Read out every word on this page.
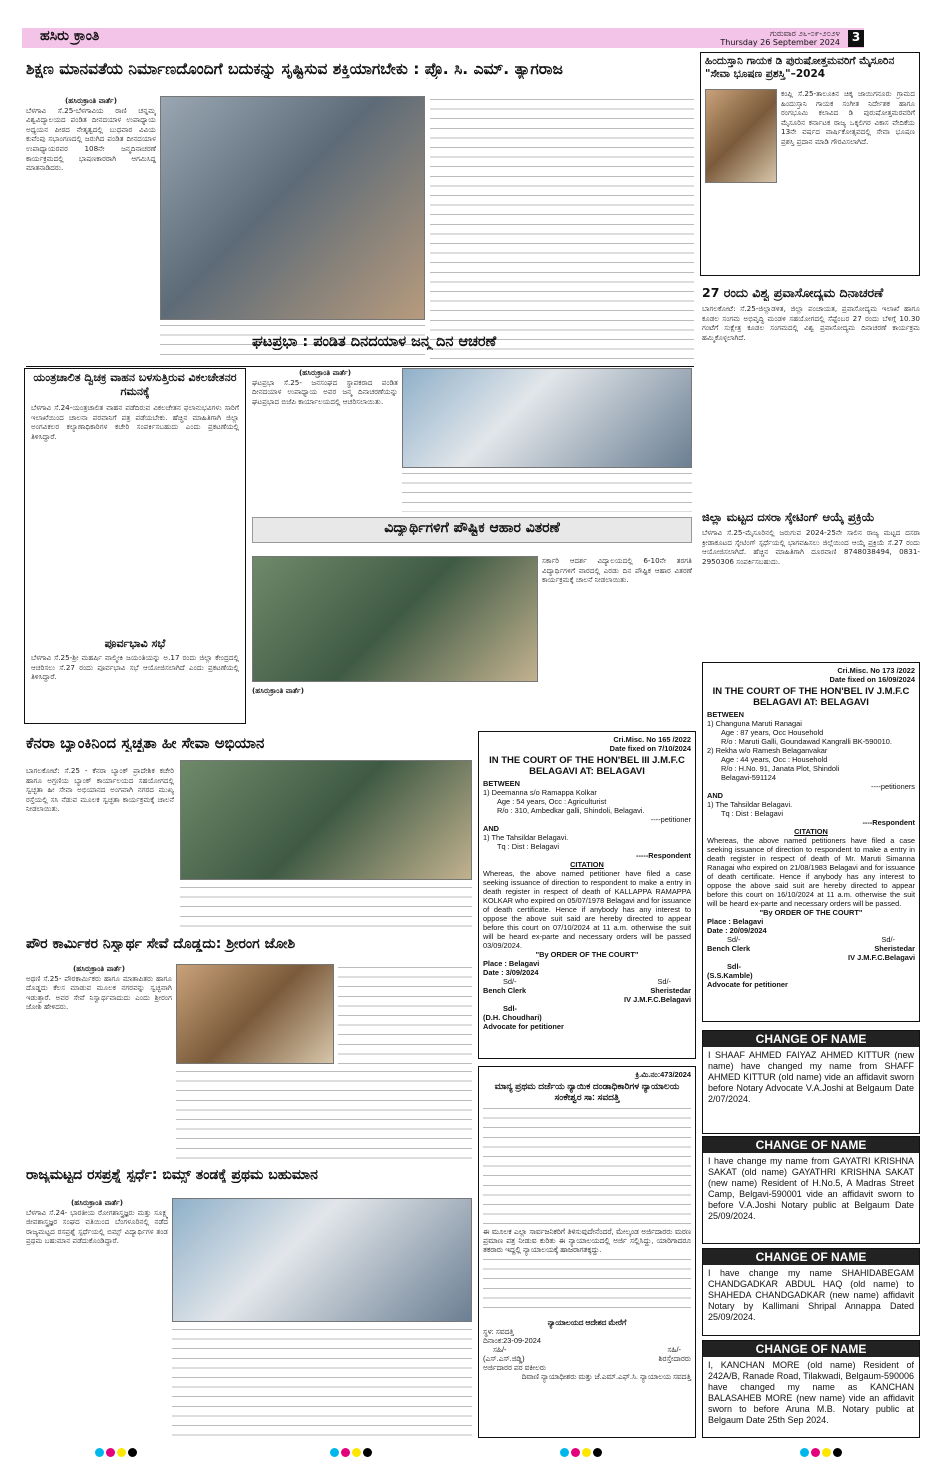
ಹಸಿರು ಕ್ರಾಂತಿ	ಗುರುವಾರ ೨೬-೦೯-೨೦೨೪
Thursday 26 September 2024 3
ಶಿಕ್ಷಣ ಮಾನವತೆಯ ನಿರ್ಮಾಣದೊಂದಿಗೆ ಬದುಕನ್ನು ಸೃಷ್ಟಿಸುವ ಶಕ್ತಿಯಾಗಬೇಕು : ಪ್ರೊ. ಸಿ. ಎಮ್. ತ್ಯಾಗರಾಜ
(ಹಸಿರುಕ್ರಾಂತಿ ವಾರ್ತೆ)
ಬೆಳಗಾವಿ ಸೆ.25-ಬೆಳಗಾವಿಯ ರಾಣಿ ಚನ್ನಮ್ಮ ವಿಶ್ವವಿದ್ಯಾಲಯದ ಪಂಡಿತ ದೀನದಯಾಳ ಉಪಾಧ್ಯಾಯ ಅಧ್ಯಯನ ಪೀಠದ ನೇತೃತ್ವದಲ್ಲಿ ಬುಧವಾರ ವಿವಿಯ ಕುವೆಂಪು ಸಭಾಂಗಣದಲ್ಲಿ ಜರುಗಿದ ಪಂಡಿತ ದೀನದಯಾಳ ಉಪಾಧ್ಯಾಯರವರ 108ನೇ ಜನ್ಮದಿನಾಚರಣೆ ಕಾರ್ಯಕ್ರಮದಲ್ಲಿ ಭಾಷಣಕಾರರಾಗಿ ಆಗಮಿಸಿದ್ದ ಮಾತನಾಡಿದರು.
ಹಿಂದುಸ್ತಾನಿ ಗಾಯಕ ಡಿ ಪುರುಷೋತ್ತಮವರಿಗೆ ಮೈಸೂರಿನ "ಸೇವಾ ಭೂಷಣ ಪ್ರಶಸ್ತಿ"–2024
ಕಂಪ್ಲಿ ಸೆ.25-ತಾಲೂಕಿನ ಚಿಕ್ಕ ಜಾಯಿಗನೂರು ಗ್ರಾಮದ ಹಿಂದುಸ್ತಾನಿ ಗಾಯಕ ಸಂಗೀತ ನಿರ್ದೇಶಕ ಹಾಗೂ ರಂಗಭೂಮಿ ಕಲಾವಿದ ಡಿ ಪುರುಷೋತ್ತಮರವರಿಗೆ ಮೈಸೂರಿನ ಕರ್ನಾಟಕ ರಾಜ್ಯ ಒಕ್ಕಲಿಗರ ವಿಕಾಸ ವೇದಿಕೆಯ 13ನೇ ವರ್ಷದ ವಾರ್ಷಿಕೋತ್ಸವದಲ್ಲಿ ಸೇವಾ ಭೂಷಣ ಪ್ರಶಸ್ತಿ ಪ್ರದಾನ ಮಾಡಿ ಗೌರವಿಸಲಾಗಿದೆ.
27 ರಂದು ವಿಶ್ವ ಪ್ರವಾಸೋದ್ಯಮ ದಿನಾಚರಣೆ
ಬಾಗಲಕೋಟೆ: ಸೆ.25-ಜಿಲ್ಲಾಡಳಿತ, ಜಿಲ್ಲಾ ಪಂಚಾಯತ, ಪ್ರವಾಸೋದ್ಯಮ ಇಲಾಖೆ ಹಾಗೂ ಕೂಡಲ ಸಂಗಮ ಅಭಿವೃದ್ಧಿ ಮಂಡಳಿ ಸಹಯೋಗದಲ್ಲಿ ಸೆಪ್ಟೆಂಬರ 27 ರಂದು ಬೆಳಿಗ್ಗೆ 10.30 ಗಂಟೆಗೆ ಸುಕ್ಷೇತ್ರ ಕೂಡಲ ಸಂಗಮದಲ್ಲಿ ವಿಶ್ವ ಪ್ರವಾಸೋದ್ಯಮ ದಿನಾಚರಣೆ ಕಾರ್ಯಕ್ರಮ ಹಮ್ಮಿಕೊಳ್ಳಲಾಗಿದೆ.
ಜಿಲ್ಲಾ ಮಟ್ಟದ ದಸರಾ ಸ್ಕೇಟಿಂಗ್ ಆಯ್ಕೆ ಪ್ರಕ್ರಿಯೆ
ಬೆಳಗಾವಿ ಸೆ.25-ಮೈಸೂರಿನಲ್ಲಿ ಜರುಗುವ 2024-25ನೇ ಸಾಲಿನ ರಾಜ್ಯ ಮಟ್ಟದ ದಸರಾ ಕ್ರೀಡಾಕೂಟದ ಸ್ಕೇಟಿಂಗ್ ಸ್ಪರ್ಧೆಯಲ್ಲಿ ಭಾಗವಹಿಸಲು ಜಿಲ್ಲೆಯಿಂದ ಆಯ್ಕೆ ಪ್ರಕ್ರಿಯೆ ಸೆ.27 ರಂದು ಆಯೋಜಿಸಲಾಗಿದೆ. ಹೆಚ್ಚಿನ ಮಾಹಿತಿಗಾಗಿ ದೂರವಾಣಿ 8748038494, 0831-2950306 ಸಂಪರ್ಕಿಸಬಹುದು.
ಯಂತ್ರಚಾಲಿತ ದ್ವಿಚಕ್ರ ವಾಹನ ಬಳಸುತ್ತಿರುವ ವಿಕಲಚೇತನರ ಗಮನಕ್ಕೆ
ಬೆಳಗಾವಿ ಸೆ.24-ಯಂತ್ರಚಾಲಿತ ವಾಹನ ಪಡೆದಿರುವ ವಿಕಲಚೇತನ ಫಲಾನುಭವಿಗಳು ಸಾರಿಗೆ ಇಲಾಖೆಯಿಂದ ಚಾಲನಾ ಪರವಾನಿಗೆ ಪತ್ರ ಪಡೆಯಬೇಕು. ಹೆಚ್ಚಿನ ಮಾಹಿತಿಗಾಗಿ ಜಿಲ್ಲಾ ಅಂಗವಿಕಲರ ಕಲ್ಯಾಣಾಧಿಕಾರಿಗಳ ಕಚೇರಿ ಸಂಪರ್ಕಿಸಬಹುದು ಎಂದು ಪ್ರಕಟಣೆಯಲ್ಲಿ ತಿಳಿಸಿದ್ದಾರೆ.
ಪೂರ್ವಭಾವಿ ಸಭೆ
ಬೆಳಗಾವಿ ಸೆ.25-ಶ್ರೀ ಮಹರ್ಷಿ ವಾಲ್ಮೀಕಿ ಜಯಂತಿಯನ್ನು ಅ.17 ರಂದು ಜಿಲ್ಲಾ ಕೇಂದ್ರದಲ್ಲಿ ಆಚರಿಸಲು ಸೆ.27 ರಂದು ಪೂರ್ವಭಾವಿ ಸಭೆ ಆಯೋಜಿಸಲಾಗಿದೆ ಎಂದು ಪ್ರಕಟಣೆಯಲ್ಲಿ ತಿಳಿಸಿದ್ದಾರೆ.
ಘಟಪ್ರಭಾ : ಪಂಡಿತ ದಿನದಯಾಳ ಜನ್ಮ ದಿನ ಆಚರಣೆ
(ಹಸಿರುಕ್ರಾಂತಿ ವಾರ್ತೆ)
ಘಟಪ್ರಭಾ ಸೆ.25- ಜನಸಂಘದ ಸ್ಥಾಪಕರಾದ ಪಂಡಿತ ದೀನದಯಾಳ ಉಪಾಧ್ಯಾಯ ಅವರ ಜನ್ಮ ದಿನಾಚರಣೆಯನ್ನು ಘಟಪ್ರಭಾದ ಬಿಜೆಪಿ ಕಾರ್ಯಾಲಯದಲ್ಲಿ ಆಚರಿಸಲಾಯಿತು.
ವಿದ್ಯಾರ್ಥಿಗಳಿಗೆ ಪೌಷ್ಟಿಕ ಆಹಾರ ವಿತರಣೆ
ಸರ್ಕಾರಿ ಆದರ್ಶ ವಿದ್ಯಾಲಯದಲ್ಲಿ 6-10ನೇ ತರಗತಿ ವಿದ್ಯಾರ್ಥಿಗಳಿಗೆ ವಾರದಲ್ಲಿ ಎರಡು ದಿನ ಪೌಷ್ಟಿಕ ಆಹಾರ ವಿತರಣೆ ಕಾರ್ಯಕ್ರಮಕ್ಕೆ ಚಾಲನೆ ನೀಡಲಾಯಿತು.
(ಹಸಿರುಕ್ರಾಂತಿ ವಾರ್ತೆ)
Cri.Misc. No 173 /2022
Date fixed on 16/09/2024
IN THE COURT OF THE HON'BEL IV J.M.F.C BELAGAVI AT: BELAGAVI
BETWEEN
1) Changuna Maruti Ranagai
Age : 87 years, Occ Household
R/o : Maruti Galli, Goundawad Kangralli BK-590010.
2) Rekha w/o Ramesh Belaganvakar
Age : 44 years, Occ : Household
R/o : H.No. 91, Janata Plot, Shindoli
Belagavi-591124
----petitioners
AND
1) The Tahsildar Belagavi.
Tq : Dist : Belagavi
----Respondent
CITATION
Whereas, the above named petitioners have filed a case seeking issuance of direction to respondent to make a entry in death register in respect of death of Mr. Maruti Simanna Ranagai who expired on 21/08/1983 Belagavi and for issuance of death certificate. Hence if anybody has any interest to oppose the above said suit are hereby directed to appear before this court on 16/10/2024 at 11 a.m. otherwise the suit will be heard ex-parte and necessary orders will be passed.
"By ORDER OF THE COURT"
Place : Belagavi
Date : 20/09/2024
Sd/-	Sd/-
Bench Clerk	Sheristedar
IV J.M.F.C.Belagavi
Sdl-
(S.S.Kamble)
Advocate for petitioner
ಕೆನರಾ ಬ್ಯಾಂಕಿನಿಂದ ಸ್ವಚ್ಛತಾ ಹೀ ಸೇವಾ ಅಭಿಯಾನ
ಬಾಗಲಕೋಟೆ: ಸೆ.25 - ಕೆನರಾ ಬ್ಯಾಂಕ್ ಪ್ರಾದೇಶಿಕ ಕಚೇರಿ ಹಾಗೂ ಅಗ್ರಣಿಯ ಬ್ಯಾಂಕ್ ಕಾರ್ಯಾಲಯದ ಸಹಯೋಗದಲ್ಲಿ ಸ್ವಚ್ಛತಾ ಹೀ ಸೇವಾ ಅಭಿಯಾನದ ಅಂಗವಾಗಿ ನಗರದ ಮುಖ್ಯ ರಸ್ತೆಯಲ್ಲಿ ಸಸಿ ನೆಡುವ ಮೂಲಕ ಸ್ವಚ್ಛತಾ ಕಾರ್ಯಕ್ರಮಕ್ಕೆ ಚಾಲನೆ ನೀಡಲಾಯಿತು.
Cri.Misc. No 165 /2022
Date fixed on 7/10/2024
IN THE COURT OF THE HON'BEL III J.M.F.C BELAGAVI AT: BELAGAVI
BETWEEN
1) Deemanna s/o Ramappa Kolkar
Age : 54 years, Occ : Agriculturist
R/o : 310, Ambedkar galli, Shindoli, Belagavi.
----petitioner
AND
1) The Tahsildar Belagavi.
Tq : Dist : Belagavi
-----Respondent
CITATION
Whereas, the above named petitioner have filed a case seeking issuance of direction to respondent to make a entry in death register in respect of death of KALLAPPA RAMAPPA KOLKAR who expired on 05/07/1978 Belagavi and for issuance of death certificate. Hence if anybody has any interest to oppose the above suit said are hereby directed to appear before this court on 07/10/2024 at 11 a.m. otherwise the suit will be heard ex-parte and necessary orders will be passed 03/09/2024.
"By ORDER OF THE COURT"
Place : Belagavi
Date : 3/09/2024
Sd/-	Sd/-
Bench Clerk	Sheristedar
IV J.M.F.C.Belagavi
Sdl-
(D.H. Choudhari)
Advocate for petitioner
ಪೌರ ಕಾರ್ಮಿಕರ ನಿಸ್ವಾರ್ಥ ಸೇವೆ ದೊಡ್ಡದು: ಶ್ರೀರಂಗ ಜೋಶಿ
(ಹಸಿರುಕ್ರಾಂತಿ ವಾರ್ತೆ)
ಅಥಣಿ ಸೆ.25- ಪೌರಕಾರ್ಮಿಕರು ಹಾಗೂ ಮಾತಾಪಿತರು ಹಾಗೂ ದೊಡ್ಡದು ಕೆಲಸ ಮಾಡುವ ಮೂಲಕ ನಗರವನ್ನು ಸ್ವಚ್ಛವಾಗಿ ಇಡುತ್ತಾರೆ. ಅವರ ಸೇವೆ ನಿಸ್ವಾರ್ಥವಾದುದು ಎಂದು ಶ್ರೀರಂಗ ಜೋಶಿ ಹೇಳಿದರು.
ಕ್ರಿ.ಮಿ.ನಂ:473/2024
ಮಾನ್ಯ ಪ್ರಥಮ ದರ್ಜೆಯ ನ್ಯಾಯಿಕ ದಂಡಾಧಿಕಾರಿಗಳ ನ್ಯಾಯಾಲಯ ಸಂಕೇಶ್ವರ ಸಾ: ಸವದತ್ತಿ
ಈ ಮೂಲಕ ಎಲ್ಲಾ ಸಾರ್ವಜನಿಕರಿಗೆ ತಿಳಿಸುವುದೇನೆಂದರೆ, ಮೇಲ್ಕಂಡ ಅರ್ಜಿದಾರರು ಮರಣ ಪ್ರಮಾಣ ಪತ್ರ ನೀಡುವ ಕುರಿತು ಈ ನ್ಯಾಯಾಲಯದಲ್ಲಿ ಅರ್ಜಿ ಸಲ್ಲಿಸಿದ್ದು, ಯಾರಿಗಾದರೂ ತಕರಾರು ಇದ್ದಲ್ಲಿ ನ್ಯಾಯಾಲಯಕ್ಕೆ ಹಾಜರಾಗತಕ್ಕದ್ದು.
ನ್ಯಾಯಾಲಯದ ಆದೇಶದ ಮೇರೆಗೆ
ಸ್ಥಳ: ಸವದತ್ತಿ
ದಿನಾಂಕ:23-09-2024
ಸಹಿ/-	ಸಹಿ/-
(ಎಸ್.ಎಸ್.ಜಿಡ್ಡಿ)	ಶಿರಸ್ತೇದಾರರು
ಅರ್ಜಿದಾರರ ಪರ ವಕೀಲರು
ದಿವಾಣಿ ನ್ಯಾಯಾಧೀಶರು ಮತ್ತು ಜೆ.ಎಮ್.ಎಫ್.ಸಿ. ನ್ಯಾಯಾಲಯ ಸವದತ್ತಿ
ರಾಜ್ಯಮಟ್ಟದ ರಸಪ್ರಶ್ನೆ ಸ್ಪರ್ಧೆ: ಬಿಮ್ಸ್ ತಂಡಕ್ಕೆ ಪ್ರಥಮ ಬಹುಮಾನ
(ಹಸಿರುಕ್ರಾಂತಿ ವಾರ್ತೆ)
ಬೆಳಗಾವಿ ಸೆ.24- ಭಾರತೀಯ ರೋಗಶಾಸ್ತ್ರಜ್ಞರು ಮತ್ತು ಸೂಕ್ಷ್ಮ ಜೀವಶಾಸ್ತ್ರಜ್ಞರ ಸಂಘದ ವತಿಯಿಂದ ಬೆಂಗಳೂರಿನಲ್ಲಿ ನಡೆದ ರಾಜ್ಯಮಟ್ಟದ ರಸಪ್ರಶ್ನೆ ಸ್ಪರ್ಧೆಯಲ್ಲಿ ಬಿಮ್ಸ್ ವಿದ್ಯಾರ್ಥಿಗಳ ತಂಡ ಪ್ರಥಮ ಬಹುಮಾನ ಪಡೆದುಕೊಂಡಿದ್ದಾರೆ.
CHANGE OF NAME
I SHAAF AHMED FAIYAZ AHMED KITTUR (new name) have changed my name from SHAFF AHMED KITTUR (old name) vide an affidavit sworn before Notary Advocate V.A.Joshi at Belgaum Date 2/07/2024.
CHANGE OF NAME
I have change my name from GAYATRI KRISHNA SAKAT (old name) GAYATHRI KRISHNA SAKAT (new name) Resident of H.No.5, A Madras Street Camp, Belgavi-590001 vide an affidavit sworn to before V.A.Joshi Notary public at Belgaum Date 25/09/2024.
CHANGE OF NAME
I have change my name SHAHIDABEGAM CHANDGADKAR ABDUL HAQ (old name) to SHAHEDA CHANDGADKAR (new name) affidavit Notary by Kallimani Shripal Annappa Dated 25/09/2024.
CHANGE OF NAME
I, KANCHAN MORE (old name) Resident of 242A/B, Ranade Road, Tilakwadi, Belgaum-590006 have changed my name as KANCHAN BALASAHEB MORE (new name) vide an affidavit sworn to before Aruna M.B. Notary public at Belgaum Date 25th Sep 2024.
